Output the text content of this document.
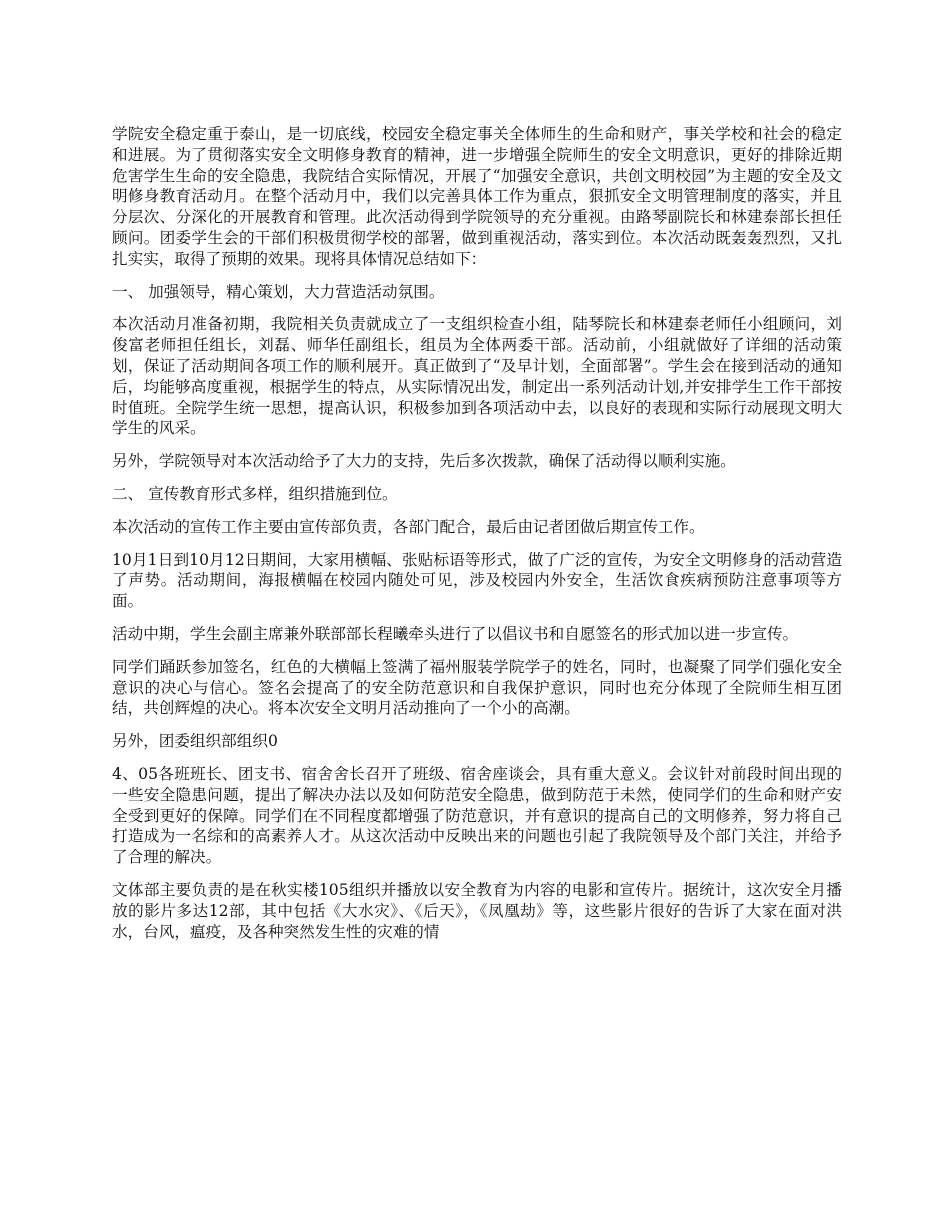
学院安全稳定重于泰山，是一切底线，校园安全稳定事关全体师生的生命和财产，事关学校和社会的稳定和进展。为了贯彻落实安全文明修身教育的精神，进一步增强全院师生的安全文明意识，更好的排除近期危害学生生命的安全隐患，我院结合实际情况，开展了“加强安全意识，共创文明校园”为主题的安全及文明修身教育活动月。在整个活动月中，我们以完善具体工作为重点，狠抓安全文明管理制度的落实，并且分层次、分深化的开展教育和管理。此次活动得到学院领导的充分重视。由路琴副院长和林建泰部长担任顾问。团委学生会的干部们积极贯彻学校的部署，做到重视活动，落实到位。本次活动既轰轰烈烈，又扎扎实实，取得了预期的效果。现将具体情况总结如下：

一、 加强领导，精心策划，大力营造活动氛围。

本次活动月准备初期，我院相关负责就成立了一支组织检查小组，陆琴院长和林建泰老师任小组顾问，刘俊富老师担任组长，刘磊、师华任副组长，组员为全体两委干部。活动前，小组就做好了详细的活动策划，保证了活动期间各项工作的顺利展开。真正做到了“及早计划，全面部署”。学生会在接到活动的通知后，均能够高度重视，根据学生的特点，从实际情况出发，制定出一系列活动计划,并安排学生工作干部按时值班。全院学生统一思想，提高认识，积极参加到各项活动中去，以良好的表现和实际行动展现文明大学生的风采。

另外，学院领导对本次活动给予了大力的支持，先后多次拨款，确保了活动得以顺利实施。

二、 宣传教育形式多样，组织措施到位。

本次活动的宣传工作主要由宣传部负责，各部门配合，最后由记者团做后期宣传工作。

10月1日到10月12日期间，大家用横幅、张贴标语等形式，做了广泛的宣传，为安全文明修身的活动营造了声势。活动期间，海报横幅在校园内随处可见，涉及校园内外安全，生活饮食疾病预防注意事项等方面。

活动中期，学生会副主席兼外联部部长程曦牵头进行了以倡议书和自愿签名的形式加以进一步宣传。

同学们踊跃参加签名，红色的大横幅上签满了福州服装学院学子的姓名，同时，也凝聚了同学们强化安全意识的决心与信心。签名会提高了的安全防范意识和自我保护意识，同时也充分体现了全院师生相互团结，共创辉煌的决心。将本次安全文明月活动推向了一个小的高潮。

另外，团委组织部组织0

4、05各班班长、团支书、宿舍舍长召开了班级、宿舍座谈会，具有重大意义。会议针对前段时间出现的一些安全隐患问题，提出了解决办法以及如何防范安全隐患，做到防范于未然，使同学们的生命和财产安全受到更好的保障。同学们在不同程度都增强了防范意识，并有意识的提高自己的文明修养，努力将自己打造成为一名综和的高素养人才。从这次活动中反映出来的问题也引起了我院领导及个部门关注，并给予了合理的解决。

文体部主要负责的是在秋实楼105组织并播放以安全教育为内容的电影和宣传片。据统计，这次安全月播放的影片多达12部，其中包括《大水灾》、《后天》，《凤凰劫》等，这些影片很好的告诉了大家在面对洪水，台风，瘟疫，及各种突然发生性的灾难的情
